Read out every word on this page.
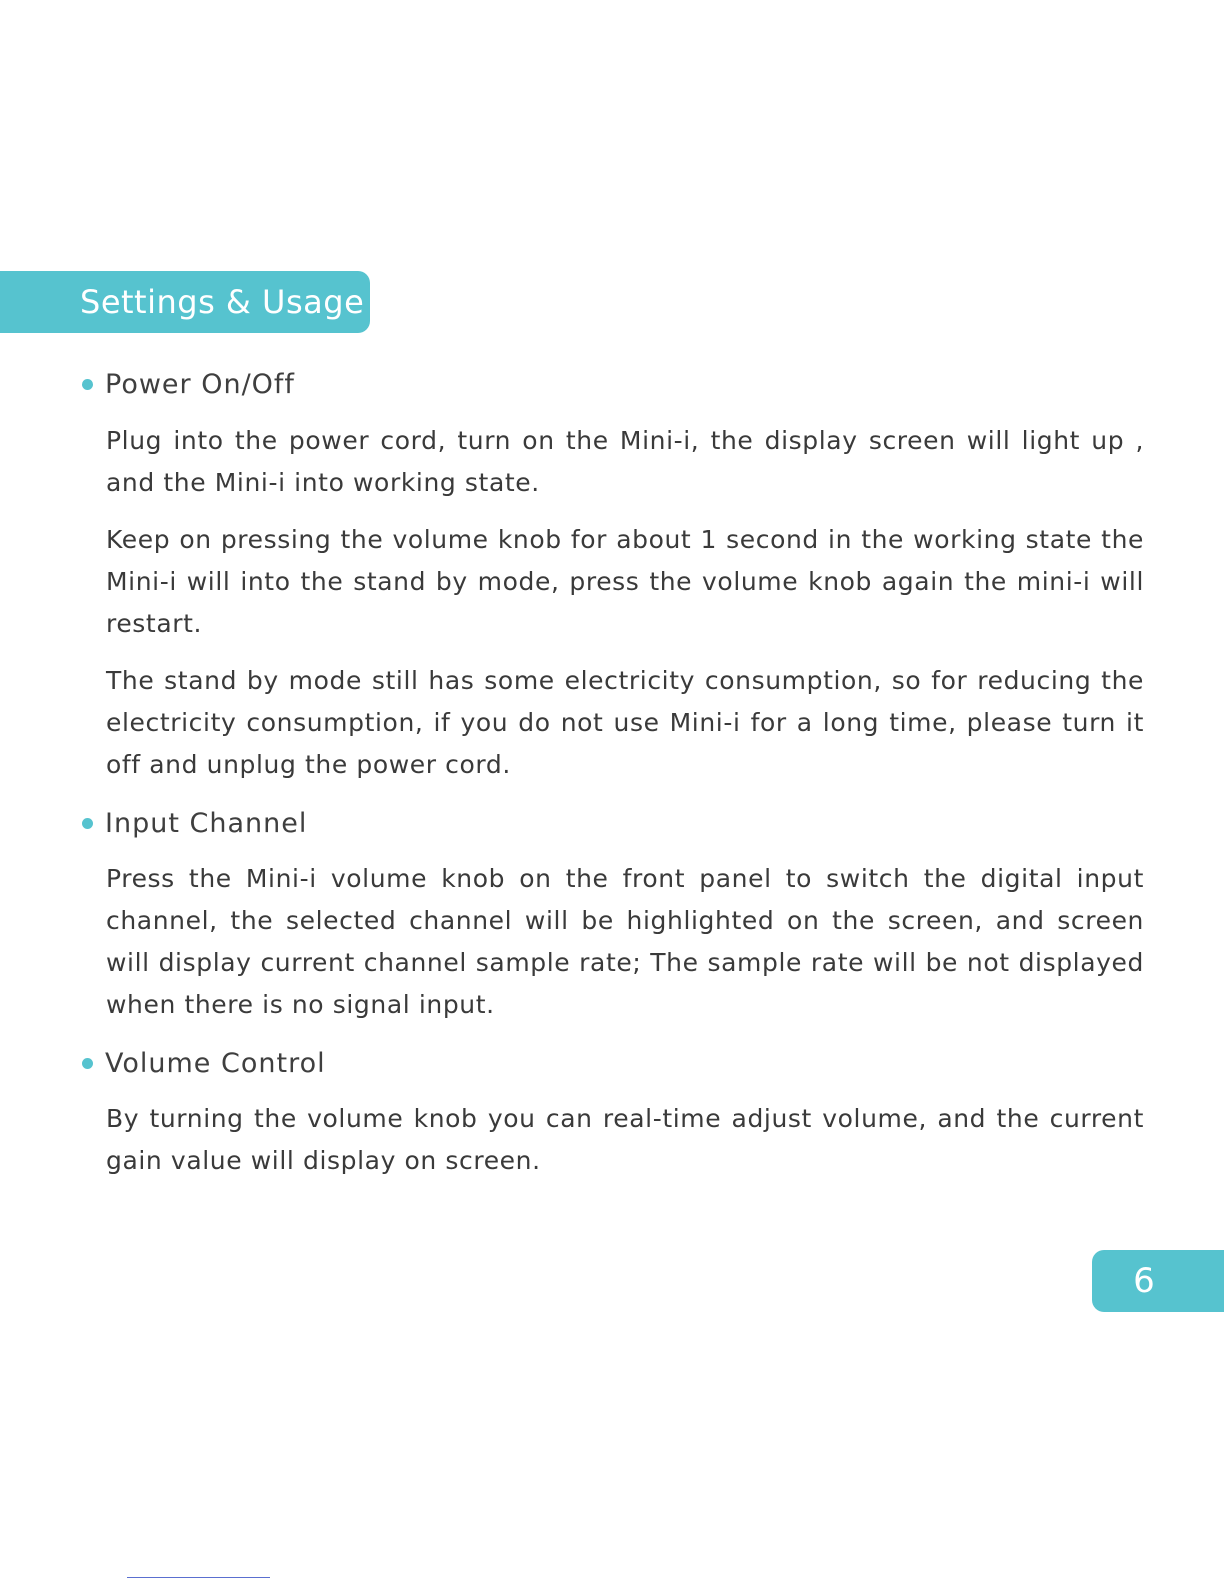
Settings & Usage
Power On/Off

Plug into the power cord, turn on the Mini-i, the display screen will light up , and the Mini-i into working state.

Keep on pressing the volume knob for about 1 second in the working state the Mini-i will into the stand by mode, press the volume knob again the mini-i will restart.

The stand by mode still has some electricity consumption, so for reducing the electricity consumption, if you do not use Mini-i for a long time, please turn it off and unplug the power cord.

Input Channel

Press the Mini-i volume knob on the front panel to switch the digital input channel, the selected channel will be highlighted on the screen, and screen will display current channel sample rate; The sample rate will be not displayed when there is no signal input.

Volume Control

By turning the volume knob you can real-time adjust volume, and the current gain value will display on screen.

6
